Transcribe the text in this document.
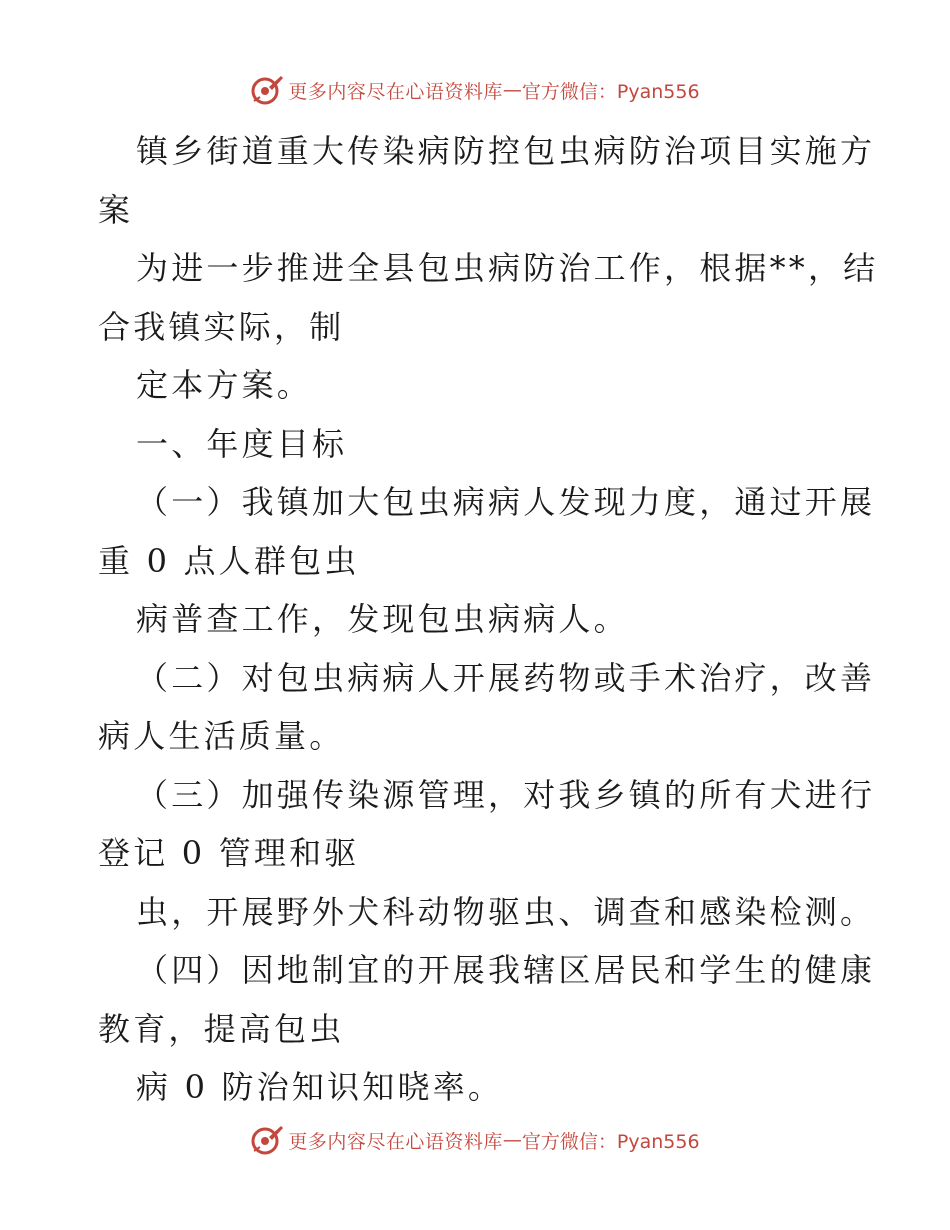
更多内容尽在心语资料库 — 官方微信：Pyan556
镇乡街道重大传染病防控包虫病防治项目实施方
案
为进一步推进全县包虫病防治工作，根据**，结
合我镇实际，制
定本方案。
一、年度目标
（一）我镇加大包虫病病人发现力度，通过开展
重 0 点人群包虫
病普查工作，发现包虫病病人。
（二）对包虫病病人开展药物或手术治疗，改善
病人生活质量。
（三）加强传染源管理，对我乡镇的所有犬进行
登记 0 管理和驱
虫，开展野外犬科动物驱虫、调查和感染检测。
（四）因地制宜的开展我辖区居民和学生的健康
教育，提高包虫
病 0 防治知识知晓率。
更多内容尽在心语资料库 — 官方微信：Pyan556
